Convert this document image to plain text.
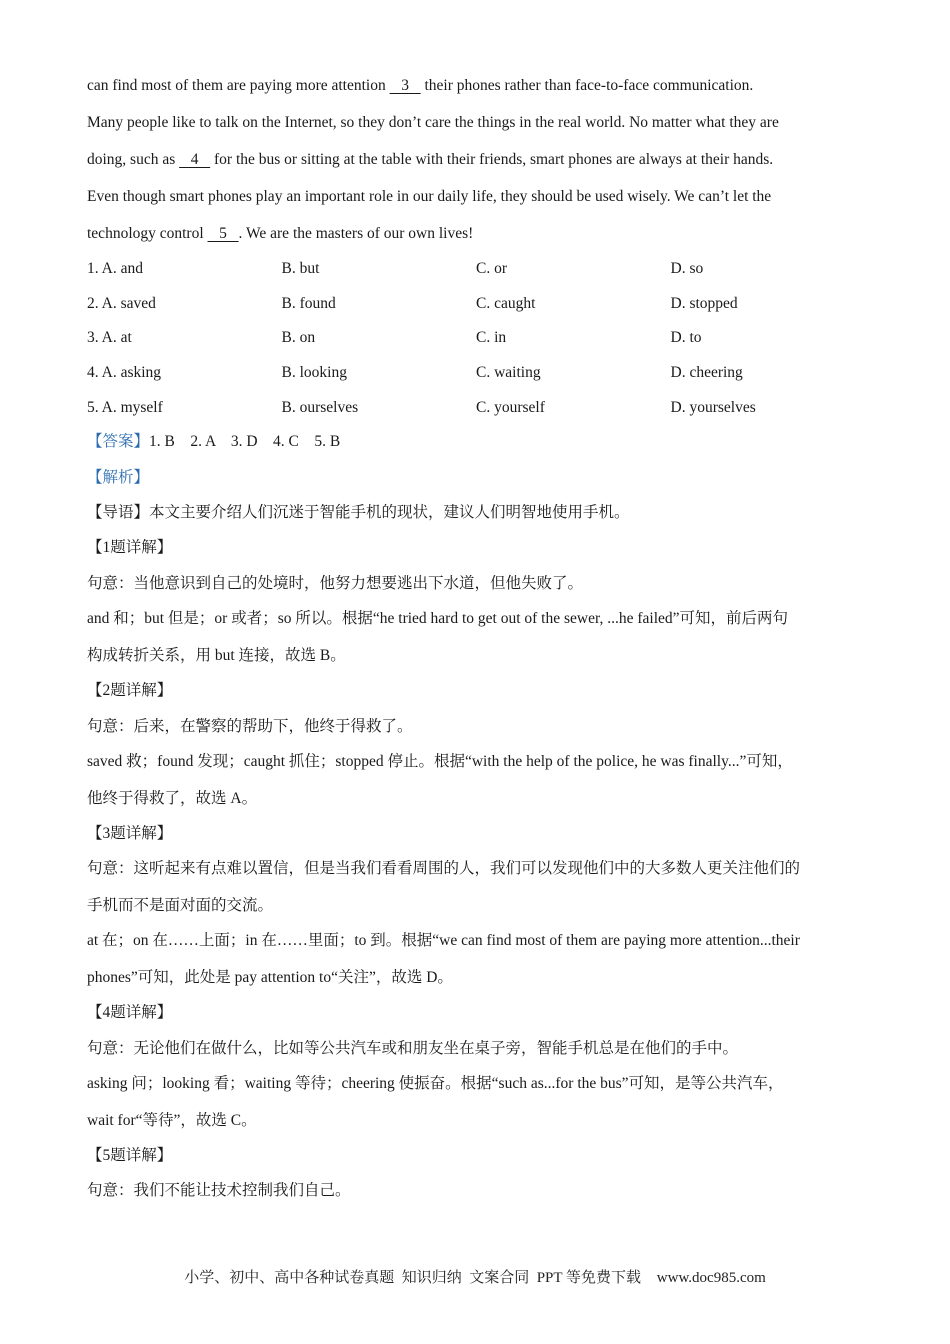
can find most of them are paying more attention    3    their phones rather than face-to-face communication.

Many people like to talk on the Internet, so they don’t care the things in the real world. No matter what they are

doing, such as    4    for the bus or sitting at the table with their friends, smart phones are always at their hands.

Even though smart phones play an important role in our daily life, they should be used wisely. We can’t let the

technology control    5   . We are the masters of our own lives!

1. A. and	B. but	C. or	D. so
2. A. saved	B. found	C. caught	D. stopped
3. A. at	B. on	C. in	D. to
4. A. asking	B. looking	C. waiting	D. cheering
5. A. myself	B. ourselves	C. yourself	D. yourselves
【答案】1. B    2. A    3. D    4. C    5. B
【解析】
【导语】本文主要介绍人们沉迷于智能手机的现状，建议人们明智地使用手机。
【1题详解】
句意：当他意识到自己的处境时，他努力想要逃出下水道，但他失败了。
and 和；but 但是；or 或者；so 所以。根据“he tried hard to get out of the sewer, ...he failed”可知，前后两句
构成转折关系，用 but 连接，故选 B。
【2题详解】
句意：后来，在警察的帮助下，他终于得救了。
saved 救；found 发现；caught 抓住；stopped 停止。根据“with the help of the police, he was finally...”可知，
他终于得救了，故选 A。
【3题详解】
句意：这听起来有点难以置信，但是当我们看看周围的人，我们可以发现他们中的大多数人更关注他们的
手机而不是面对面的交流。
at 在；on 在……上面；in 在……里面；to 到。根据“we can find most of them are paying more attention...their
phones”可知，此处是 pay attention to“关注”，故选 D。
【4题详解】
句意：无论他们在做什么，比如等公共汽车或和朋友坐在桌子旁，智能手机总是在他们的手中。
asking 问；looking 看；waiting 等待；cheering 使振奋。根据“such as...for the bus”可知，是等公共汽车，
wait for“等待”，故选 C。
【5题详解】
句意：我们不能让技术控制我们自己。
小学、初中、高中各种试卷真题  知识归纳  文案合同  PPT 等免费下载 www.doc985.com
